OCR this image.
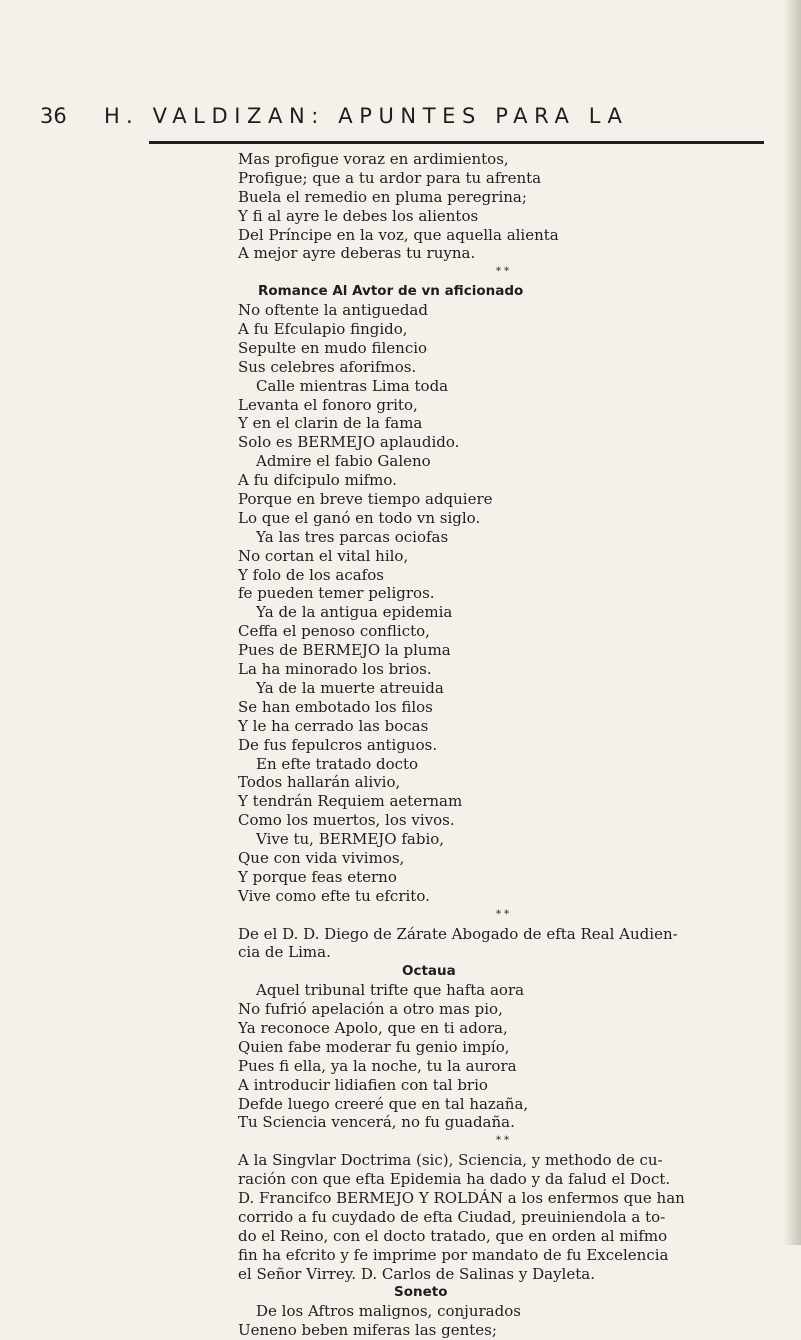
36 H. VALDIZAN: APUNTES PARA LA
Mas profigue voraz en ardimientos,
Profigue; que a tu ardor para tu afrenta
Buela el remedio en pluma peregrina;
Y fi al ayre le debes los alientos
Del Príncipe en la voz, que aquella alienta
A mejor ayre deberas tu ruyna.
* *
Romance Al Avtor de vn aficionado
No oftente la antiguedad
A fu Efculapio fingido,
Sepulte en mudo filencio
Sus celebres aforifmos.
Calle mientras Lima toda
Levanta el fonoro grito,
Y en el clarin de la fama
Solo es BERMEJO aplaudido.
Admire el fabio Galeno
A fu difcipulo mifmo.
Porque en breve tiempo adquiere
Lo que el ganó en todo vn siglo.
Ya las tres parcas ociofas
No cortan el vital hilo,
Y folo de los acafos
fe pueden temer peligros.
Ya de la antigua epidemia
Ceffa el penoso conflicto,
Pues de BERMEJO la pluma
La ha minorado los brios.
Ya de la muerte atreuida
Se han embotado los filos
Y le ha cerrado las bocas
De fus fepulcros antiguos.
En efte tratado docto
Todos hallarán alivio,
Y tendrán Requiem aeternam
Como los muertos, los vivos.
Vive tu, BERMEJO fabio,
Que con vida vivimos,
Y porque feas eterno
Vive como efte tu efcrito.
* *
De el D. D. Diego de Zárate Abogado de efta Real Audien-
cia de Lima.
Octaua
Aquel tribunal trifte que hafta aora
No fufrió apelación a otro mas pio,
Ya reconoce Apolo, que en ti adora,
Quien fabe moderar fu genio impío,
Pues fi ella, ya la noche, tu la aurora
A introducir lidiafien con tal brio
Defde luego creeré que en tal hazaña,
Tu Sciencia vencerá, no fu guadaña.
* *
A la Singvlar Doctrima (sic), Sciencia, y methodo de cu-
ración con que efta Epidemia ha dado y da falud el Doct.
D. Francifco BERMEJO Y ROLDÁN a los enfermos que han
corrido a fu cuydado de efta Ciudad, preuiniendola a to-
do el Reino, con el docto tratado, que en orden al mifmo
fin ha efcrito y fe imprime por mandato de fu Excelencia
el Señor Virrey. D. Carlos de Salinas y Dayleta.
Soneto
De los Aftros malignos, conjurados
Ueneno beben miferas las gentes;
